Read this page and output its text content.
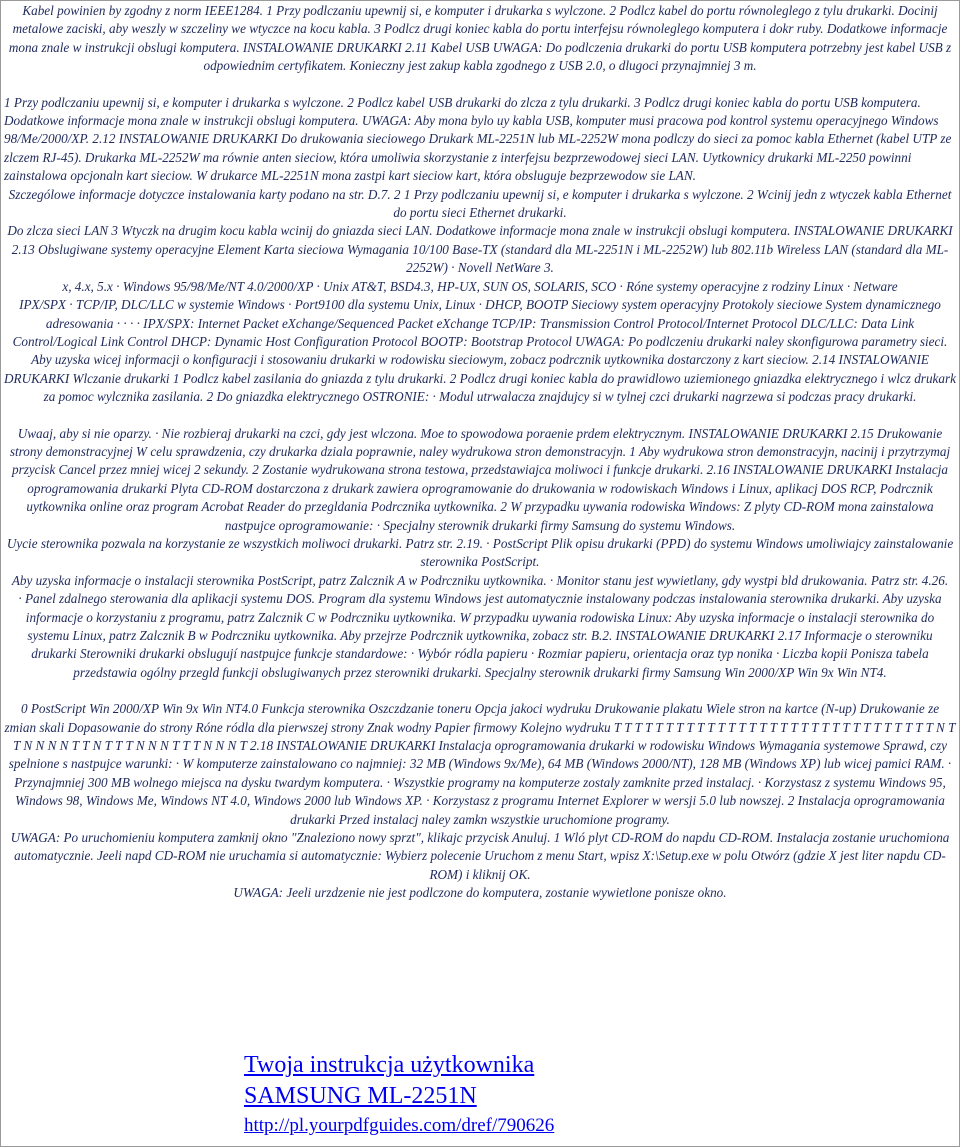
Kabel powinien by zgodny z norm IEEE1284. 1 Przy podlczaniu upewnij si, e komputer i drukarka s wylczone. 2 Podlcz kabel do portu równoleglego z tylu drukarki. Docinij metalowe zaciski, aby weszly w szczeliny we wtyczce na kocu kabla. 3 Podlcz drugi koniec kabla do portu interfejsu równoleglego komputera i dokr ruby. Dodatkowe informacje mona znale w instrukcji obslugi komputera. INSTALOWANIE DRUKARKI 2.11 Kabel USB UWAGA: Do podlczenia drukarki do portu USB komputera potrzebny jest kabel USB z odpowiednim certyfikatem. Konieczny jest zakup kabla zgodnego z USB 2.0, o dlugoci przynajmniej 3 m.

1 Przy podlczaniu upewnij si, e komputer i drukarka s wylczone. 2 Podlcz kabel USB drukarki do zlcza z tylu drukarki. 3 Podlcz drugi koniec kabla do portu USB komputera. Dodatkowe informacje mona znale w instrukcji obslugi komputera. UWAGA: Aby mona bylo uy kabla USB, komputer musi pracowa pod kontrol systemu operacyjnego Windows 98/Me/2000/XP. 2.12 INSTALOWANIE DRUKARKI Do drukowania sieciowego Drukark ML-2251N lub ML-2252W mona podlczy do sieci za pomoc kabla Ethernet (kabel UTP ze zlczem RJ-45). Drukarka ML-2252W ma równie anten sieciow, która umoliwia skorzystanie z interfejsu bezprzewodowej sieci LAN. Uytkownicy drukarki ML-2250 powinni zainstalowa opcjonaln kart sieciow. W drukarce ML-2251N mona zastpi kart sieciow kart, która obsluguje bezprzewodow sie LAN.

Szczególowe informacje dotyczce instalowania karty podano na str. D.7. 2 1 Przy podlczaniu upewnij si, e komputer i drukarka s wylczone. 2 Wcinij jedn z wtyczek kabla Ethernet do portu sieci Ethernet drukarki.

Do zlcza sieci LAN 3 Wtyczk na drugim kocu kabla wcinij do gniazda sieci LAN. Dodatkowe informacje mona znale w instrukcji obslugi komputera. INSTALOWANIE DRUKARKI 2.13 Obslugiwane systemy operacyjne Element Karta sieciowa Wymagania 10/100 Base-TX (standard dla ML-2251N i ML-2252W) lub 802.11b Wireless LAN (standard dla ML-2252W) · Novell NetWare 3.

x, 4.x, 5.x · Windows 95/98/Me/NT 4.0/2000/XP · Unix AT&T, BSD4.3, HP-UX, SUN OS, SOLARIS, SCO · Róne systemy operacyjne z rodziny Linux · Netware

IPX/SPX · TCP/IP, DLC/LLC w systemie Windows · Port9100 dla systemu Unix, Linux · DHCP, BOOTP Sieciowy system operacyjny Protokoly sieciowe System dynamicznego adresowania · · · · IPX/SPX: Internet Packet eXchange/Sequenced Packet eXchange TCP/IP: Transmission Control Protocol/Internet Protocol DLC/LLC: Data Link Control/Logical Link Control DHCP: Dynamic Host Configuration Protocol BOOTP: Bootstrap Protocol UWAGA: Po podlczeniu drukarki naley skonfigurowa parametry sieci. Aby uzyska wicej informacji o konfiguracji i stosowaniu drukarki w rodowisku sieciowym, zobacz podrcznik uytkownika dostarczony z kart sieciow. 2.14 INSTALOWANIE DRUKARKI Wlczanie drukarki 1 Podlcz kabel zasilania do gniazda z tylu drukarki. 2 Podlcz drugi koniec kabla do prawidlowo uziemionego gniazdka elektrycznego i wlcz drukark za pomoc wylcznika zasilania. 2 Do gniazdka elektrycznego OSTRONIE: · Modul utrwalacza znajdujcy si w tylnej czci drukarki nagrzewa si podczas pracy drukarki.

Uwaaj, aby si nie oparzy. · Nie rozbieraj drukarki na czci, gdy jest wlczona. Moe to spowodowa poraenie prdem elektrycznym. INSTALOWANIE DRUKARKI 2.15 Drukowanie strony demonstracyjnej W celu sprawdzenia, czy drukarka dziala poprawnie, naley wydrukowa stron demonstracyjn. 1 Aby wydrukowa stron demonstracyjn, nacinij i przytrzymaj przycisk Cancel przez mniej wicej 2 sekundy. 2 Zostanie wydrukowana strona testowa, przedstawiajca moliwoci i funkcje drukarki. 2.16 INSTALOWANIE DRUKARKI Instalacja oprogramowania drukarki Plyta CD-ROM dostarczona z drukark zawiera oprogramowanie do drukowania w rodowiskach Windows i Linux, aplikacj DOS RCP, Podrcznik uytkownika online oraz program Acrobat Reader do przegldania Podrcznika uytkownika. 2 W przypadku uywania rodowiska Windows: Z plyty CD-ROM mona zainstalowa nastpujce oprogramowanie: · Specjalny sterownik drukarki firmy Samsung do systemu Windows.

Uycie sterownika pozwala na korzystanie ze wszystkich moliwoci drukarki. Patrz str. 2.19. · PostScript Plik opisu drukarki (PPD) do systemu Windows umoliwiajcy zainstalowanie sterownika PostScript.

Aby uzyska informacje o instalacji sterownika PostScript, patrz Zalcznik A w Podrczniku uytkownika. · Monitor stanu jest wywietlany, gdy wystpi bld drukowania. Patrz str. 4.26.

· Panel zdalnego sterowania dla aplikacji systemu DOS. Program dla systemu Windows jest automatycznie instalowany podczas instalowania sterownika drukarki. Aby uzyska informacje o korzystaniu z programu, patrz Zalcznik C w Podrczniku uytkownika. W przypadku uywania rodowiska Linux: Aby uzyska informacje o instalacji sterownika do systemu Linux, patrz Zalcznik B w Podrczniku uytkownika. Aby przejrze Podrcznik uytkownika, zobacz str. B.2. INSTALOWANIE DRUKARKI 2.17 Informacje o sterowniku drukarki Sterowniki drukarki obslugují nastpujce funkcje standardowe: · Wybór ródla papieru · Rozmiar papieru, orientacja oraz typ nonika · Liczba kopii Ponisza tabela przedstawia ogólny przegld funkcji obslugiwanych przez sterowniki drukarki. Specjalny sterownik drukarki firmy Samsung Win 2000/XP Win 9x Win NT4.

0 PostScript Win 2000/XP Win 9x Win NT4.0 Funkcja sterownika Oszczdzanie toneru Opcja jakoci wydruku Drukowanie plakatu Wiele stron na kartce (N-up) Drukowanie ze zmian skali Dopasowanie do strony Róne ródla dla pierwszej strony Znak wodny Papier firmowy Kolejno wydruku T T T T T T T T T T T T T T T T T T T T T T T T T T T T T T T N T T N N N N T T N T T T N N N T T T N N N T 2.18 INSTALOWANIE DRUKARKI Instalacja oprogramowania drukarki w rodowisku Windows Wymagania systemowe Sprawd, czy spelnione s nastpujce warunki: · W komputerze zainstalowano co najmniej: 32 MB (Windows 9x/Me), 64 MB (Windows 2000/NT), 128 MB (Windows XP) lub wicej pamici RAM. · Przynajmniej 300 MB wolnego miejsca na dysku twardym komputera. · Wszystkie programy na komputerze zostaly zamknite przed instalacj. · Korzystasz z systemu Windows 95, Windows 98, Windows Me, Windows NT 4.0, Windows 2000 lub Windows XP. · Korzystasz z programu Internet Explorer w wersji 5.0 lub nowszej. 2 Instalacja oprogramowania drukarki Przed instalacj naley zamkn wszystkie uruchomione programy.

UWAGA: Po uruchomieniu komputera zamknij okno "Znaleziono nowy sprzt", klikajc przycisk Anuluj. 1 Wló plyt CD-ROM do napdu CD-ROM. Instalacja zostanie uruchomiona automatycznie. Jeeli napd CD-ROM nie uruchamia si automatycznie: Wybierz polecenie Uruchom z menu Start, wpisz X:\Setup.exe w polu Otwórz (gdzie X jest liter napdu CD-ROM) i kliknij OK.

UWAGA: Jeeli urzdzenie nie jest podlczone do komputera, zostanie wywietlone ponisze okno.

Twoja instrukcja użytkownika
SAMSUNG ML-2251N
http://pl.yourpdfguides.com/dref/790626
